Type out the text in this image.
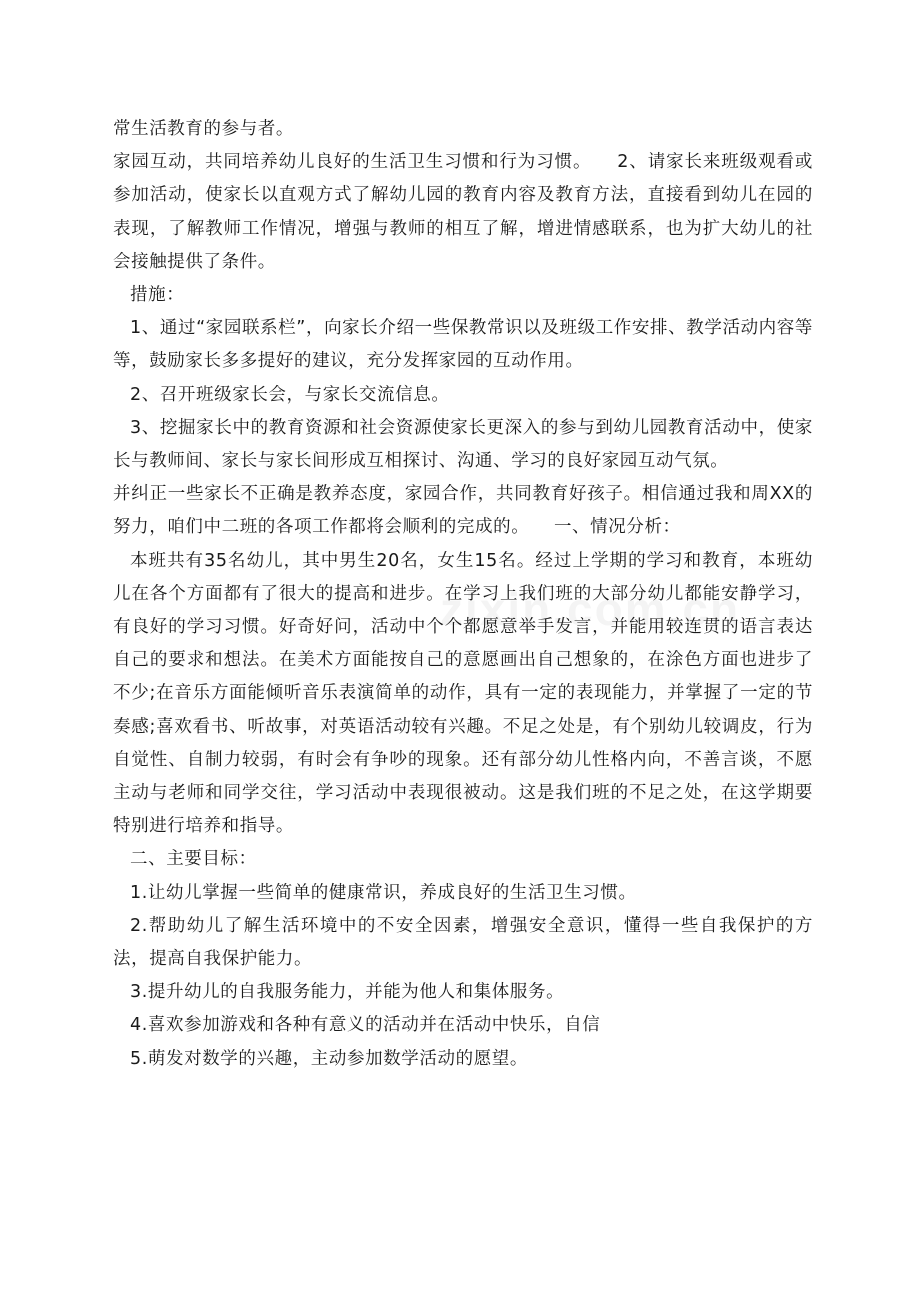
常生活教育的参与者。

家园互动，共同培养幼儿良好的生活卫生习惯和行为习惯。    2、请家长来班级观看或参加活动，使家长以直观方式了解幼儿园的教育内容及教育方法，直接看到幼儿在园的表现，了解教师工作情况，增强与教师的相互了解，增进情感联系，也为扩大幼儿的社会接触提供了条件。

措施：

1、通过“家园联系栏”，向家长介绍一些保教常识以及班级工作安排、教学活动内容等等，鼓励家长多多提好的建议，充分发挥家园的互动作用。

2、召开班级家长会，与家长交流信息。

3、挖掘家长中的教育资源和社会资源使家长更深入的参与到幼儿园教育活动中，使家长与教师间、家长与家长间形成互相探讨、沟通、学习的良好家园互动气氛。

并纠正一些家长不正确是教养态度，家园合作，共同教育好孩子。相信通过我和周XX的努力，咱们中二班的各项工作都将会顺利的完成的。    一、情况分析：

本班共有35名幼儿，其中男生20名，女生15名。经过上学期的学习和教育，本班幼儿在各个方面都有了很大的提高和进步。在学习上我们班的大部分幼儿都能安静学习，有良好的学习习惯。好奇好问，活动中个个都愿意举手发言，并能用较连贯的语言表达自己的要求和想法。在美术方面能按自己的意愿画出自己想象的，在涂色方面也进步了不少;在音乐方面能倾听音乐表演简单的动作，具有一定的表现能力，并掌握了一定的节奏感;喜欢看书、听故事，对英语活动较有兴趣。不足之处是，有个别幼儿较调皮，行为自觉性、自制力较弱，有时会有争吵的现象。还有部分幼儿性格内向，不善言谈，不愿主动与老师和同学交往，学习活动中表现很被动。这是我们班的不足之处，在这学期要特别进行培养和指导。

二、主要目标：

1.让幼儿掌握一些简单的健康常识，养成良好的生活卫生习惯。

2.帮助幼儿了解生活环境中的不安全因素，增强安全意识，懂得一些自我保护的方法，提高自我保护能力。

3.提升幼儿的自我服务能力，并能为他人和集体服务。

4.喜欢参加游戏和各种有意义的活动并在活动中快乐，自信

5.萌发对数学的兴趣，主动参加数学活动的愿望。
